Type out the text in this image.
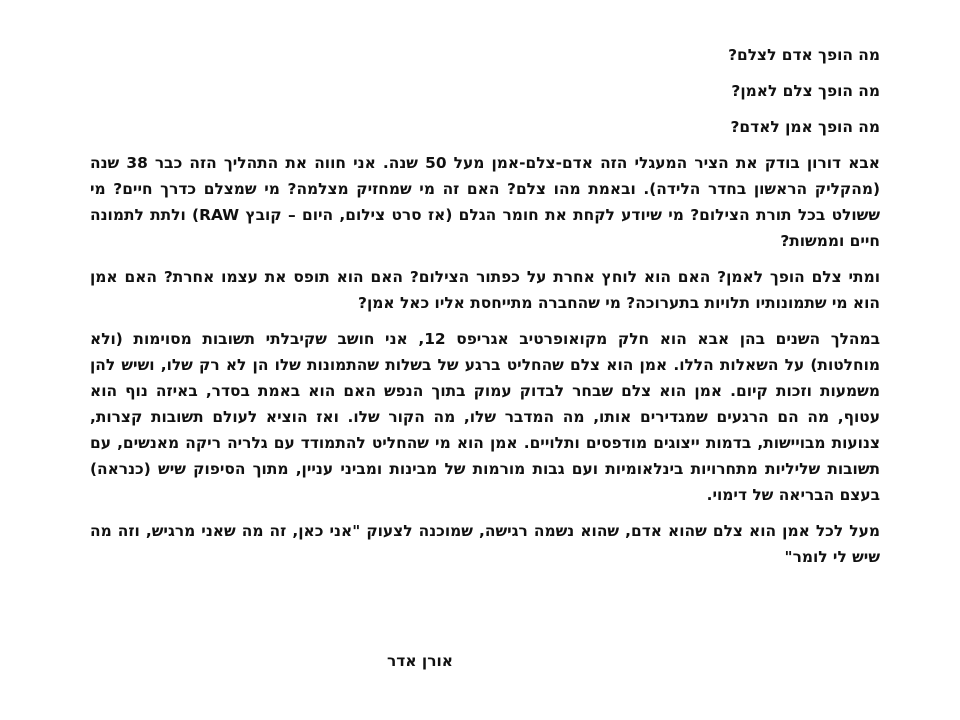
מה הופך אדם לצלם?

מה הופך צלם לאמן?

מה הופך אמן לאדם?

אבא דורון בודק את הציר המעגלי הזה אדם-צלם-אמן מעל 50 שנה. אני חווה את התהליך הזה כבר 38 שנה (מהקליק הראשון בחדר הלידה). ובאמת מהו צלם? האם זה מי שמחזיק מצלמה? מי שמצלם כדרך חיים? מי ששולט בכל תורת הצילום? מי שיודע לקחת את חומר הגלם (אז סרט צילום, היום – קובץ RAW) ולתת לתמונה חיים וממשות?

ומתי צלם הופך לאמן? האם הוא לוחץ אחרת על כפתור הצילום? האם הוא תופס את עצמו אחרת? האם אמן הוא מי שתמונותיו תלויות בתערוכה? מי שהחברה מתייחסת אליו כאל אמן?

במהלך השנים בהן אבא הוא חלק מקואופרטיב אגריפס 12, אני חושב שקיבלתי תשובות מסוימות (ולא מוחלטות) על השאלות הללו. אמן הוא צלם שהחליט ברגע של בשלות שהתמונות שלו הן לא רק שלו, ושיש להן משמעות וזכות קיום. אמן הוא צלם שבחר לבדוק עמוק בתוך הנפש האם הוא באמת בסדר, באיזה נוף הוא עטוף, מה הם הרגעים שמגדירים אותו, מה המדבר שלו, מה הקור שלו. ואז הוציא לעולם תשובות קצרות, צנועות מבויישות, בדמות ייצוגים מודפסים ותלויים. אמן הוא מי שהחליט להתמודד עם גלריה ריקה מאנשים, עם תשובות שליליות מתחרויות בינלאומיות ועם גבות מורמות של מבינות ומביני עניין, מתוך הסיפוק שיש (כנראה) בעצם הבריאה של דימוי.

מעל לכל אמן הוא צלם שהוא אדם, שהוא נשמה רגישה, שמוכנה לצעוק "אני כאן, זה מה שאני מרגיש, וזה מה שיש לי לומר"

אורן אדר
